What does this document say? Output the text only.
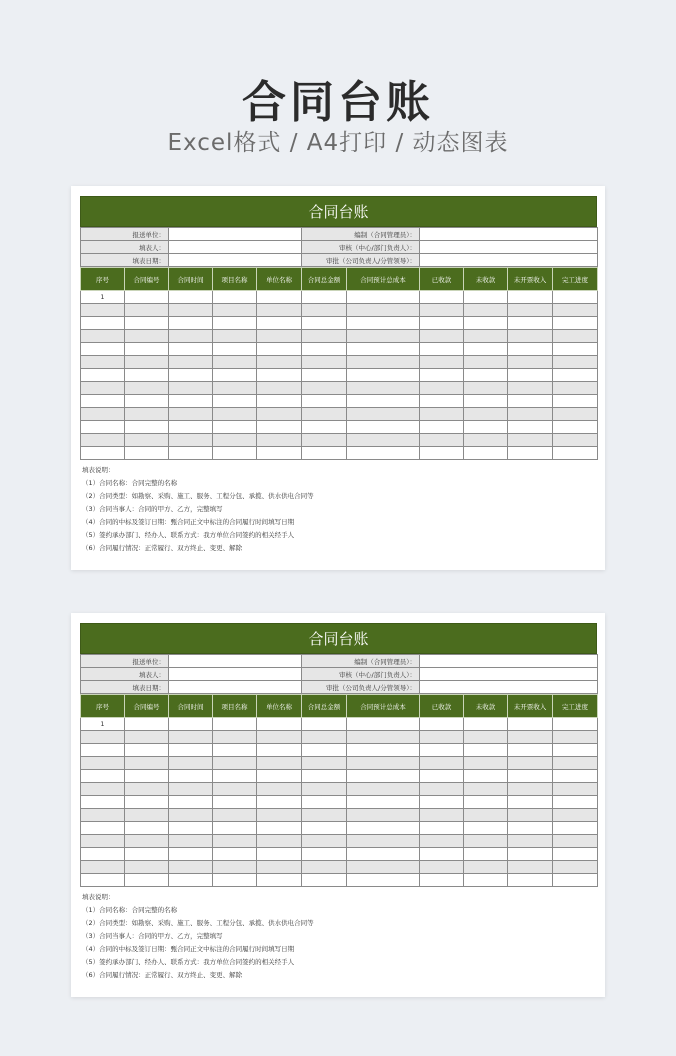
合同台账
Excel格式 / A4打印 / 动态图表
合同台账
报送单位：		编制（合同管理员）：	
填表人：		审核（中心/部门负责人）：	
填表日期：		审批（公司负责人/分管领导）：	
序号	合同编号	合同时间	项目名称	单位名称	合同总金额	合同预计总成本	已收款	未收款	未开票收入	完工进度
1										

填表说明：
（1）合同名称：合同完整的名称
（2）合同类型：如勘察、采购、施工、服务、工程分包、承揽、供水供电合同等
（3）合同当事人：合同的甲方、乙方，完整填写
（4）合同的中标及签订日期：甄合同正文中标注的合同履行时间填写日期
（5）签约承办部门、经办人、联系方式：我方单位合同签约的相关经手人
（6）合同履行情况：正常履行、双方终止、变更、解除
合同台账
报送单位：		编制（合同管理员）：	
填表人：		审核（中心/部门负责人）：	
填表日期：		审批（公司负责人/分管领导）：	
序号	合同编号	合同时间	项目名称	单位名称	合同总金额	合同预计总成本	已收款	未收款	未开票收入	完工进度
1										

填表说明：
（1）合同名称：合同完整的名称
（2）合同类型：如勘察、采购、施工、服务、工程分包、承揽、供水供电合同等
（3）合同当事人：合同的甲方、乙方，完整填写
（4）合同的中标及签订日期：甄合同正文中标注的合同履行时间填写日期
（5）签约承办部门、经办人、联系方式：我方单位合同签约的相关经手人
（6）合同履行情况：正常履行、双方终止、变更、解除
